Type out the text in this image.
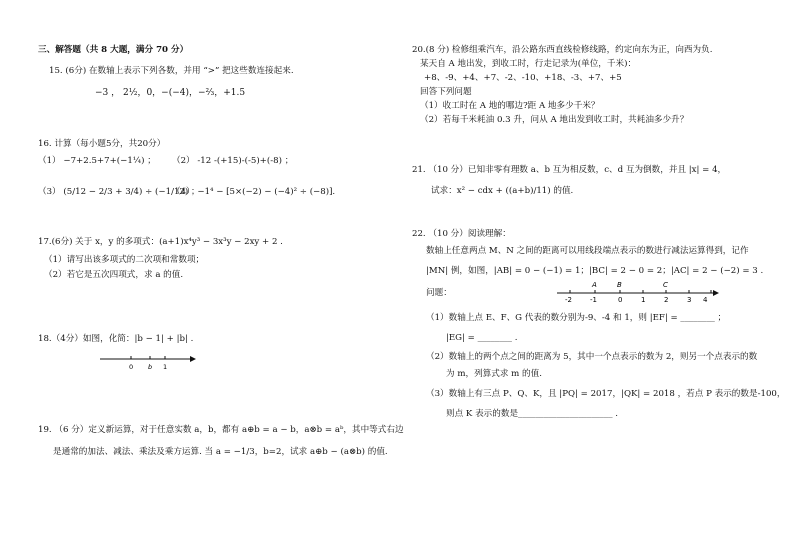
三、解答题（共 8 大题，满分 70 分）
15. (6分) 在数轴上表示下列各数，并用 “>” 把这些数连接起来.
−3 ， 2½，0，−(−4)，−⅔，+1.5
16. 计算（每小题5分，共20分）
（1） −7+2.5+7+(−1¼) ； （2） -12 -(+15)-(-5)+(-8) ；
（3） (5/12 − 2/3 + 3/4) ÷ (−1/12) ；
（4） −1⁴ − [5×(−2) − (−4)² ÷ (−8)].
17.(6分) 关于 x，y 的多项式：(a+1)x⁴y³ − 3x³y − 2xy + 2 .
（1）请写出该多项式的二次项和常数项；
（2）若它是五次四项式，求 a 的值.
18.（4分）如图，化简：|b − 1| + |b| .
0 b 1
19. （6 分）定义新运算，对于任意实数 a，b，都有 a⊕b = a − b，a⊗b = aᵇ，其中等式右边
是通常的加法、减法、乘法及乘方运算. 当 a = −1/3，b=2，试求 a⊕b − (a⊗b) 的值.
20.(8 分) 检修组乘汽车，沿公路东西直线检修线路，约定向东为正，向西为负.
某天自 A 地出发，到收工时，行走记录为(单位，千米)：
+8、-9、+4、+7、-2、-10、+18、-3、+7、+5
回答下列问题
（1）收工时在 A 地的哪边?距 A 地多少千米？
（2）若每千米耗油 0.3 升，问从 A 地出发到收工时，共耗油多少升？
21. （10 分）已知非零有理数 a、b 互为相反数，c、d 互为倒数，并且 |x| = 4，
试求：x² − cdx + ((a+b)/11) 的值.
22. （10 分）阅读理解：
数轴上任意两点 M、N 之间的距离可以用线段端点表示的数进行减法运算得到，记作
|MN| 例，如图，|AB| = 0 − (−1) = 1；|BC| = 2 − 0 = 2；|AC| = 2 − (−2) = 3 .
问题：
A	B	C
-2	-1	0	1	2	3 4
（1）数轴上点 E、F、G 代表的数分别为-9、-4 和 1，则 |EF| = ________ ；
|EG| = ________ .
（2）数轴上的两个点之间的距离为 5，其中一个点表示的数为 2，则另一个点表示的数
为 m，列算式求 m 的值.
（3）数轴上有三点 P、Q、K，且 |PQ| = 2017，|QK| = 2018 ，若点 P 表示的数是-100，
则点 K 表示的数是______________________ .
